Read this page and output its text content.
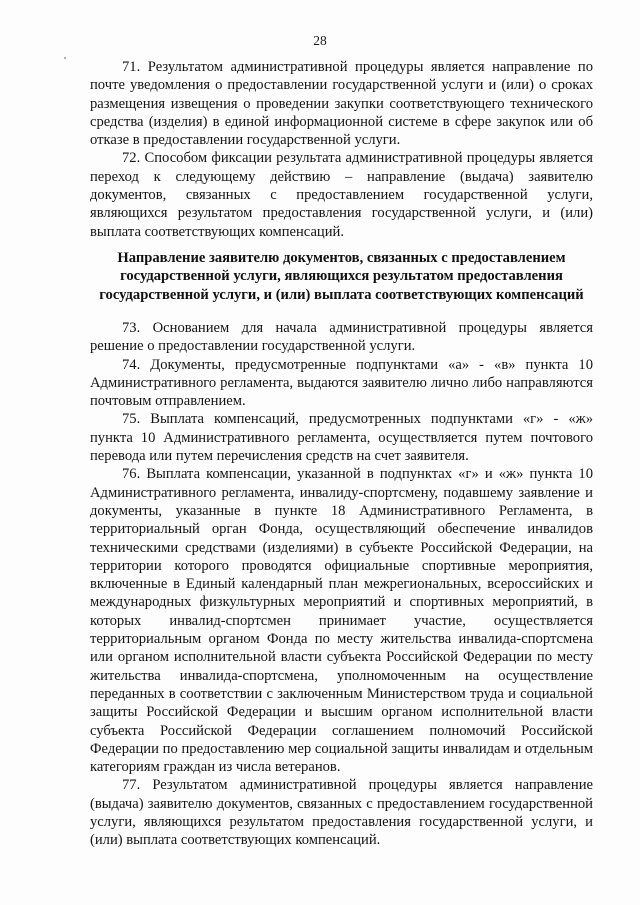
28

71. Результатом административной процедуры является направление по почте уведомления о предоставлении государственной услуги и (или) о сроках размещения извещения о проведении закупки соответствующего технического средства (изделия) в единой информационной системе в сфере закупок или об отказе в предоставлении государственной услуги.

72. Способом фиксации результата административной процедуры является переход к следующему действию – направление (выдача) заявителю документов, связанных с предоставлением государственной услуги, являющихся результатом предоставления государственной услуги, и (или) выплата соответствующих компенсаций.

Направление заявителю документов, связанных с предоставлением государственной услуги, являющихся результатом предоставления государственной услуги, и (или) выплата соответствующих компенсаций

73. Основанием для начала административной процедуры является решение о предоставлении государственной услуги.

74. Документы, предусмотренные подпунктами «а» - «в» пункта 10 Административного регламента, выдаются заявителю лично либо направляются почтовым отправлением.

75. Выплата компенсаций, предусмотренных подпунктами «г» - «ж» пункта 10 Административного регламента, осуществляется путем почтового перевода или путем перечисления средств на счет заявителя.

76. Выплата компенсации, указанной в подпунктах «г» и «ж» пункта 10 Административного регламента, инвалиду-спортсмену, подавшему заявление и документы, указанные в пункте 18 Административного Регламента, в территориальный орган Фонда, осуществляющий обеспечение инвалидов техническими средствами (изделиями) в субъекте Российской Федерации, на территории которого проводятся официальные спортивные мероприятия, включенные в Единый календарный план межрегиональных, всероссийских и международных физкультурных мероприятий и спортивных мероприятий, в которых инвалид-спортсмен принимает участие, осуществляется территориальным органом Фонда по месту жительства инвалида-спортсмена или органом исполнительной власти субъекта Российской Федерации по месту жительства инвалида-спортсмена, уполномоченным на осуществление переданных в соответствии с заключенным Министерством труда и социальной защиты Российской Федерации и высшим органом исполнительной власти субъекта Российской Федерации соглашением полномочий Российской Федерации по предоставлению мер социальной защиты инвалидам и отдельным категориям граждан из числа ветеранов.

77. Результатом административной процедуры является направление (выдача) заявителю документов, связанных с предоставлением государственной услуги, являющихся результатом предоставления государственной услуги, и (или) выплата соответствующих компенсаций.
